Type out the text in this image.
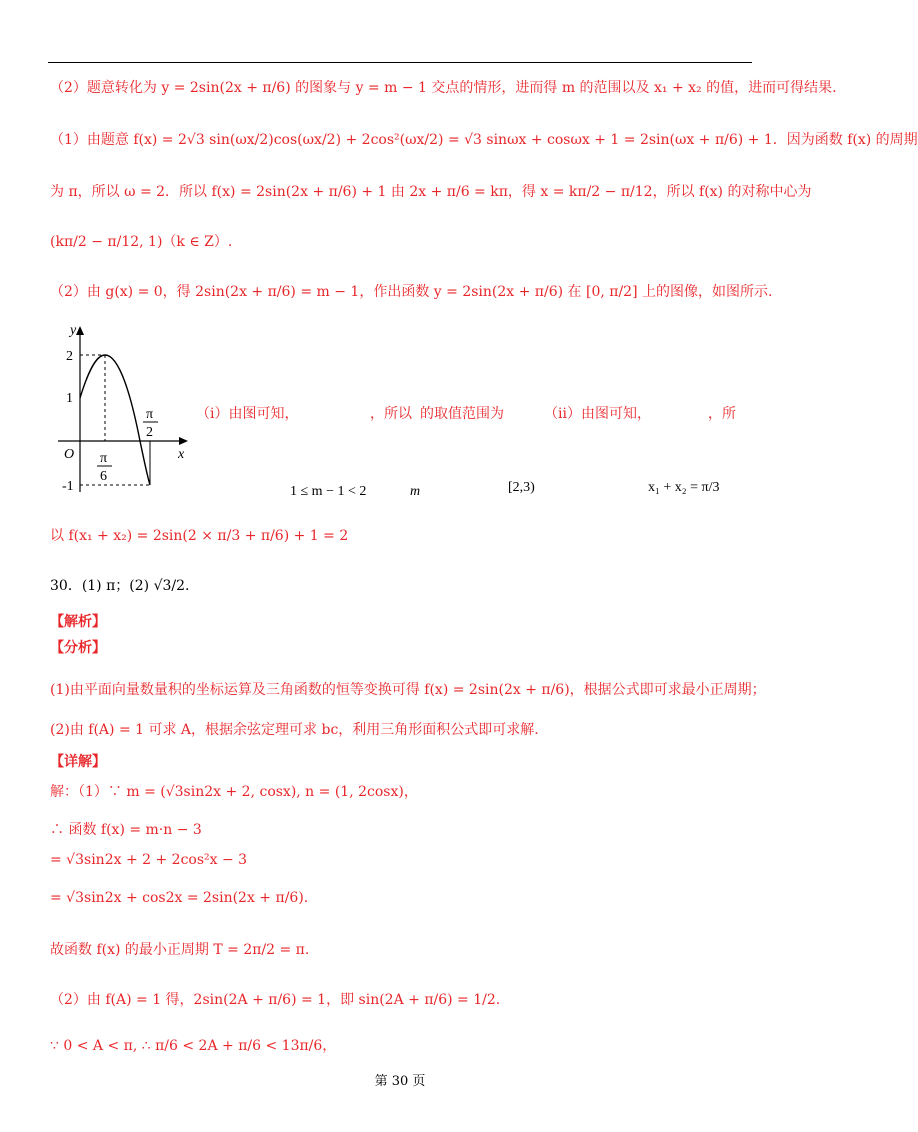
（2）题意转化为 y = 2sin(2x + π/6) 的图象与 y = m − 1 交点的情形，进而得 m 的范围以及 x₁ + x₂ 的值，进而可得结果.
（1）由题意 f(x) = 2√3 sin(ωx/2)cos(ωx/2) + 2cos²(ωx/2) = √3 sinωx + cosωx + 1 = 2sin(ωx + π/6) + 1．因为函数 f(x) 的周期
为 π，所以 ω = 2．所以 f(x) = 2sin(2x + π/6) + 1 由 2x + π/6 = kπ，得 x = kπ/2 − π/12，所以 f(x) 的对称中心为
(kπ/2 − π/12, 1)（k ∈ Z）.
（2）由 g(x) = 0，得 2sin(2x + π/6) = m − 1，作出函数 y = 2sin(2x + π/6) 在 [0, π/2] 上的图像，如图所示.
y
x
O
2
1
-1
π
6
π
2
（i）由图可知，	，所以 的取值范围为	（ii）由图可知，	，所
1 ≤ m − 1 < 2	m	[2,3)	x₁ + x₂ = π/3
以 f(x₁ + x₂) = 2sin(2 × π/3 + π/6) + 1 = 2
30．(1) π；(2) √3/2.
【解析】
【分析】
(1)由平面向量数量积的坐标运算及三角函数的恒等变换可得 f(x) = 2sin(2x + π/6)，根据公式即可求最小正周期；
(2)由 f(A) = 1 可求 A，根据余弦定理可求 bc，利用三角形面积公式即可求解.
【详解】
解：（1）∵ m = (√3sin2x + 2, cosx), n = (1, 2cosx)，
∴ 函数 f(x) = m·n − 3
= √3sin2x + 2 + 2cos²x − 3
= √3sin2x + cos2x = 2sin(2x + π/6).
故函数 f(x) 的最小正周期 T = 2π/2 = π.
（2）由 f(A) = 1 得，2sin(2A + π/6) = 1，即 sin(2A + π/6) = 1/2.
∵ 0 < A < π, ∴ π/6 < 2A + π/6 < 13π/6，
第 30 页
